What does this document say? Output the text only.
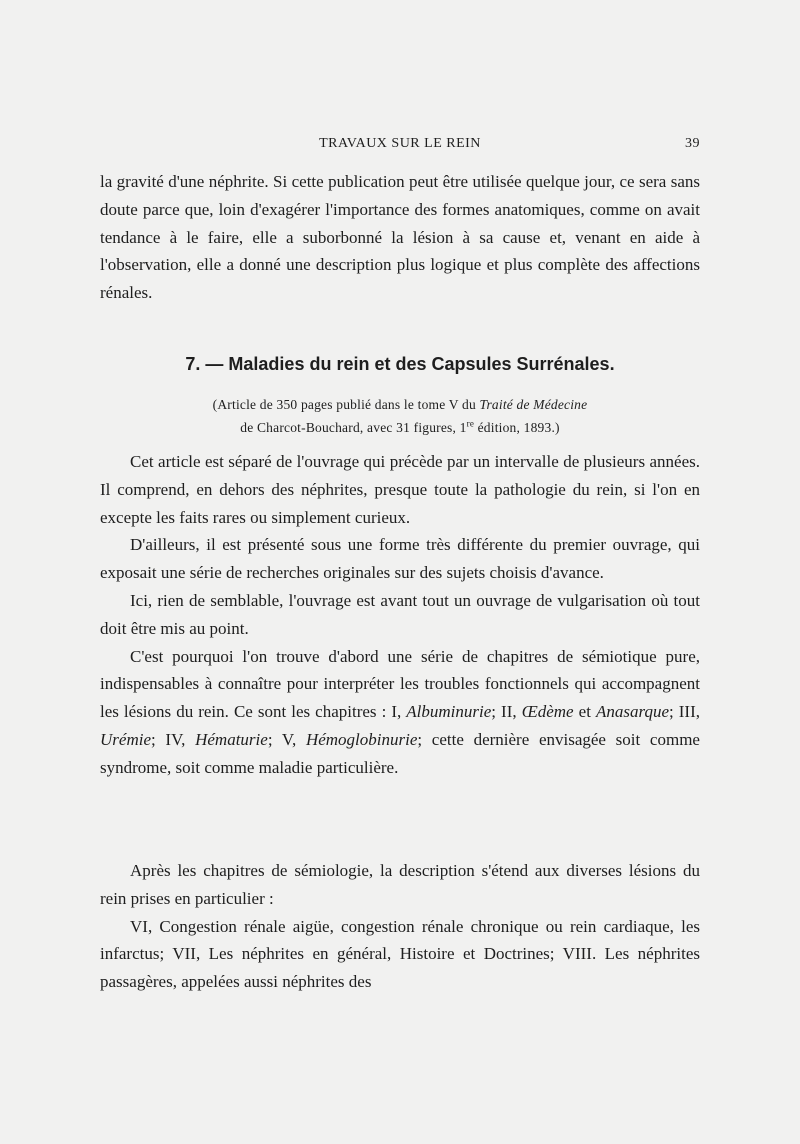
TRAVAUX SUR LE REIN	39

la gravité d'une néphrite. Si cette publication peut être utilisée quelque jour, ce sera sans doute parce que, loin d'exagérer l'importance des formes anatomiques, comme on avait tendance à le faire, elle a suborbonné la lésion à sa cause et, venant en aide à l'observation, elle a donné une description plus logique et plus complète des affections rénales.

7. — Maladies du rein et des Capsules Surrénales.
(Article de 350 pages publié dans le tome V du Traité de Médecine
de Charcot-Bouchard, avec 31 figures, 1re édition, 1893.)

Cet article est séparé de l'ouvrage qui précède par un intervalle de plusieurs années. Il comprend, en dehors des néphrites, presque toute la pathologie du rein, si l'on en excepte les faits rares ou simplement curieux.

D'ailleurs, il est présenté sous une forme très différente du premier ouvrage, qui exposait une série de recherches originales sur des sujets choisis d'avance.

Ici, rien de semblable, l'ouvrage est avant tout un ouvrage de vulgarisation où tout doit être mis au point.

C'est pourquoi l'on trouve d'abord une série de chapitres de sémiotique pure, indispensables à connaître pour interpréter les troubles fonctionnels qui accompagnent les lésions du rein. Ce sont les chapitres : I, Albuminurie; II, Œdème et Anasarque; III, Urémie; IV, Hématurie; V, Hémoglobinurie; cette dernière envisagée soit comme syndrome, soit comme maladie particulière.

Après les chapitres de sémiologie, la description s'étend aux diverses lésions du rein prises en particulier :

VI, Congestion rénale aigüe, congestion rénale chronique ou rein cardiaque, les infarctus; VII, Les néphrites en général, Histoire et Doctrines; VIII. Les néphrites passagères, appelées aussi néphrites des
